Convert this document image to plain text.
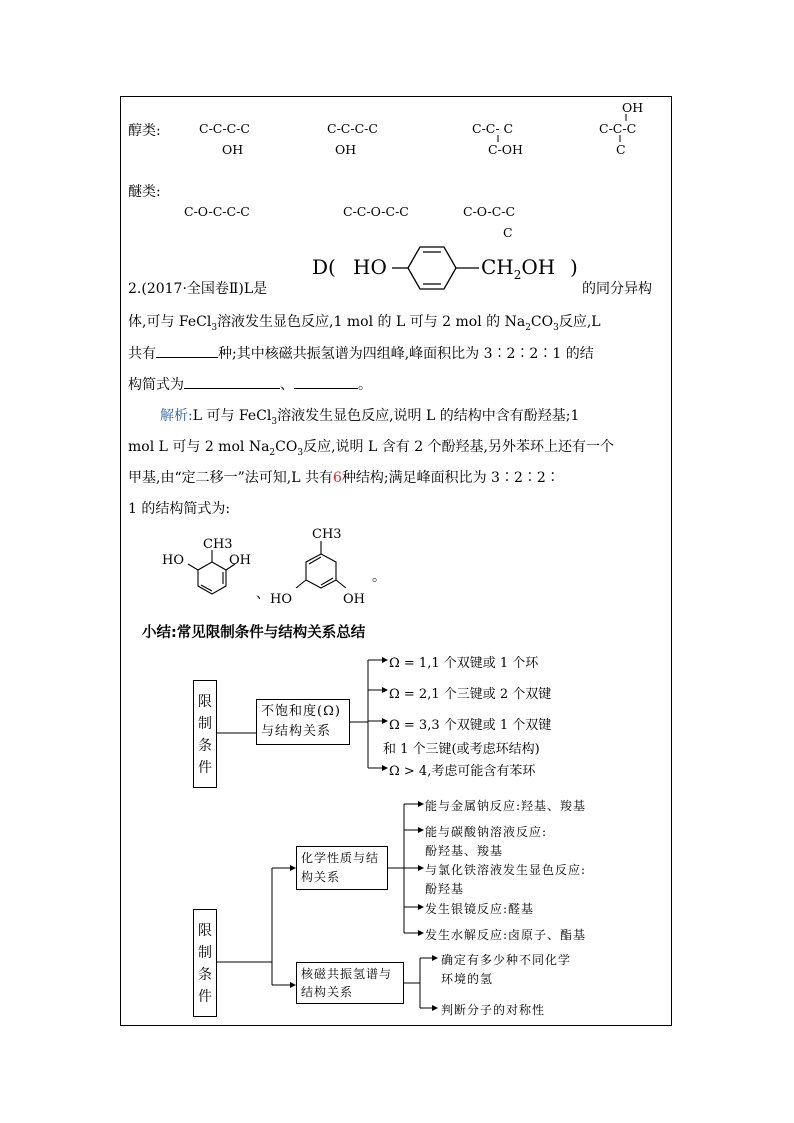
醇类:	C-C-C-C
OH
C-C-C-C
OH
C-C- C
C-OH
OH
C-C-C
C
醚类:
C-O-C-C-C	C-C-O-C-C	C-O-C-C
C
2.(2017·全国卷Ⅱ)L是
D( HO	$CH_2OH$ )
的同分异构
体,可与 FeCl$_3$溶液发生显色反应,1 mol 的 L 可与 2 mol 的 $Na_2CO_3$反应,L
共有	种;其中核磁共振氢谱为四组峰,峰面积比为 3∶2∶2∶1 的结
构简式为	、	。
解析:L 可与 FeCl$_3$溶液发生显色反应,说明 L 的结构中含有酚羟基;1
mol L 可与 2 mol $Na_2CO_3$反应,说明 L 含有 2 个酚羟基,另外苯环上还有一个
甲基,由“定二移一”法可知,L 共有6种结构;满足峰面积比为 3∶2∶2∶
1 的结构简式为:
CH3
HO	OH
、
CH3
HO	OH
。
小结:常见限制条件与结构关系总结
限制条件
不饱和度(Ω)与结构关系
Ω = 1,1 个双键或 1 个环
Ω = 2,1 个三键或 2 个双键
Ω = 3,3 个双键或 1 个双键
和 1 个三键(或考虑环结构)
Ω > 4,考虑可能含有苯环
限制条件
化学性质与结构关系
核磁共振氢谱与结构关系
能与金属钠反应:羟基、羧基
能与碳酸钠溶液反应:
酚羟基、羧基
与氯化铁溶液发生显色反应:
酚羟基
发生银镜反应:醛基
发生水解反应:卤原子、酯基
确定有多少种不同化学
环境的氢
判断分子的对称性
